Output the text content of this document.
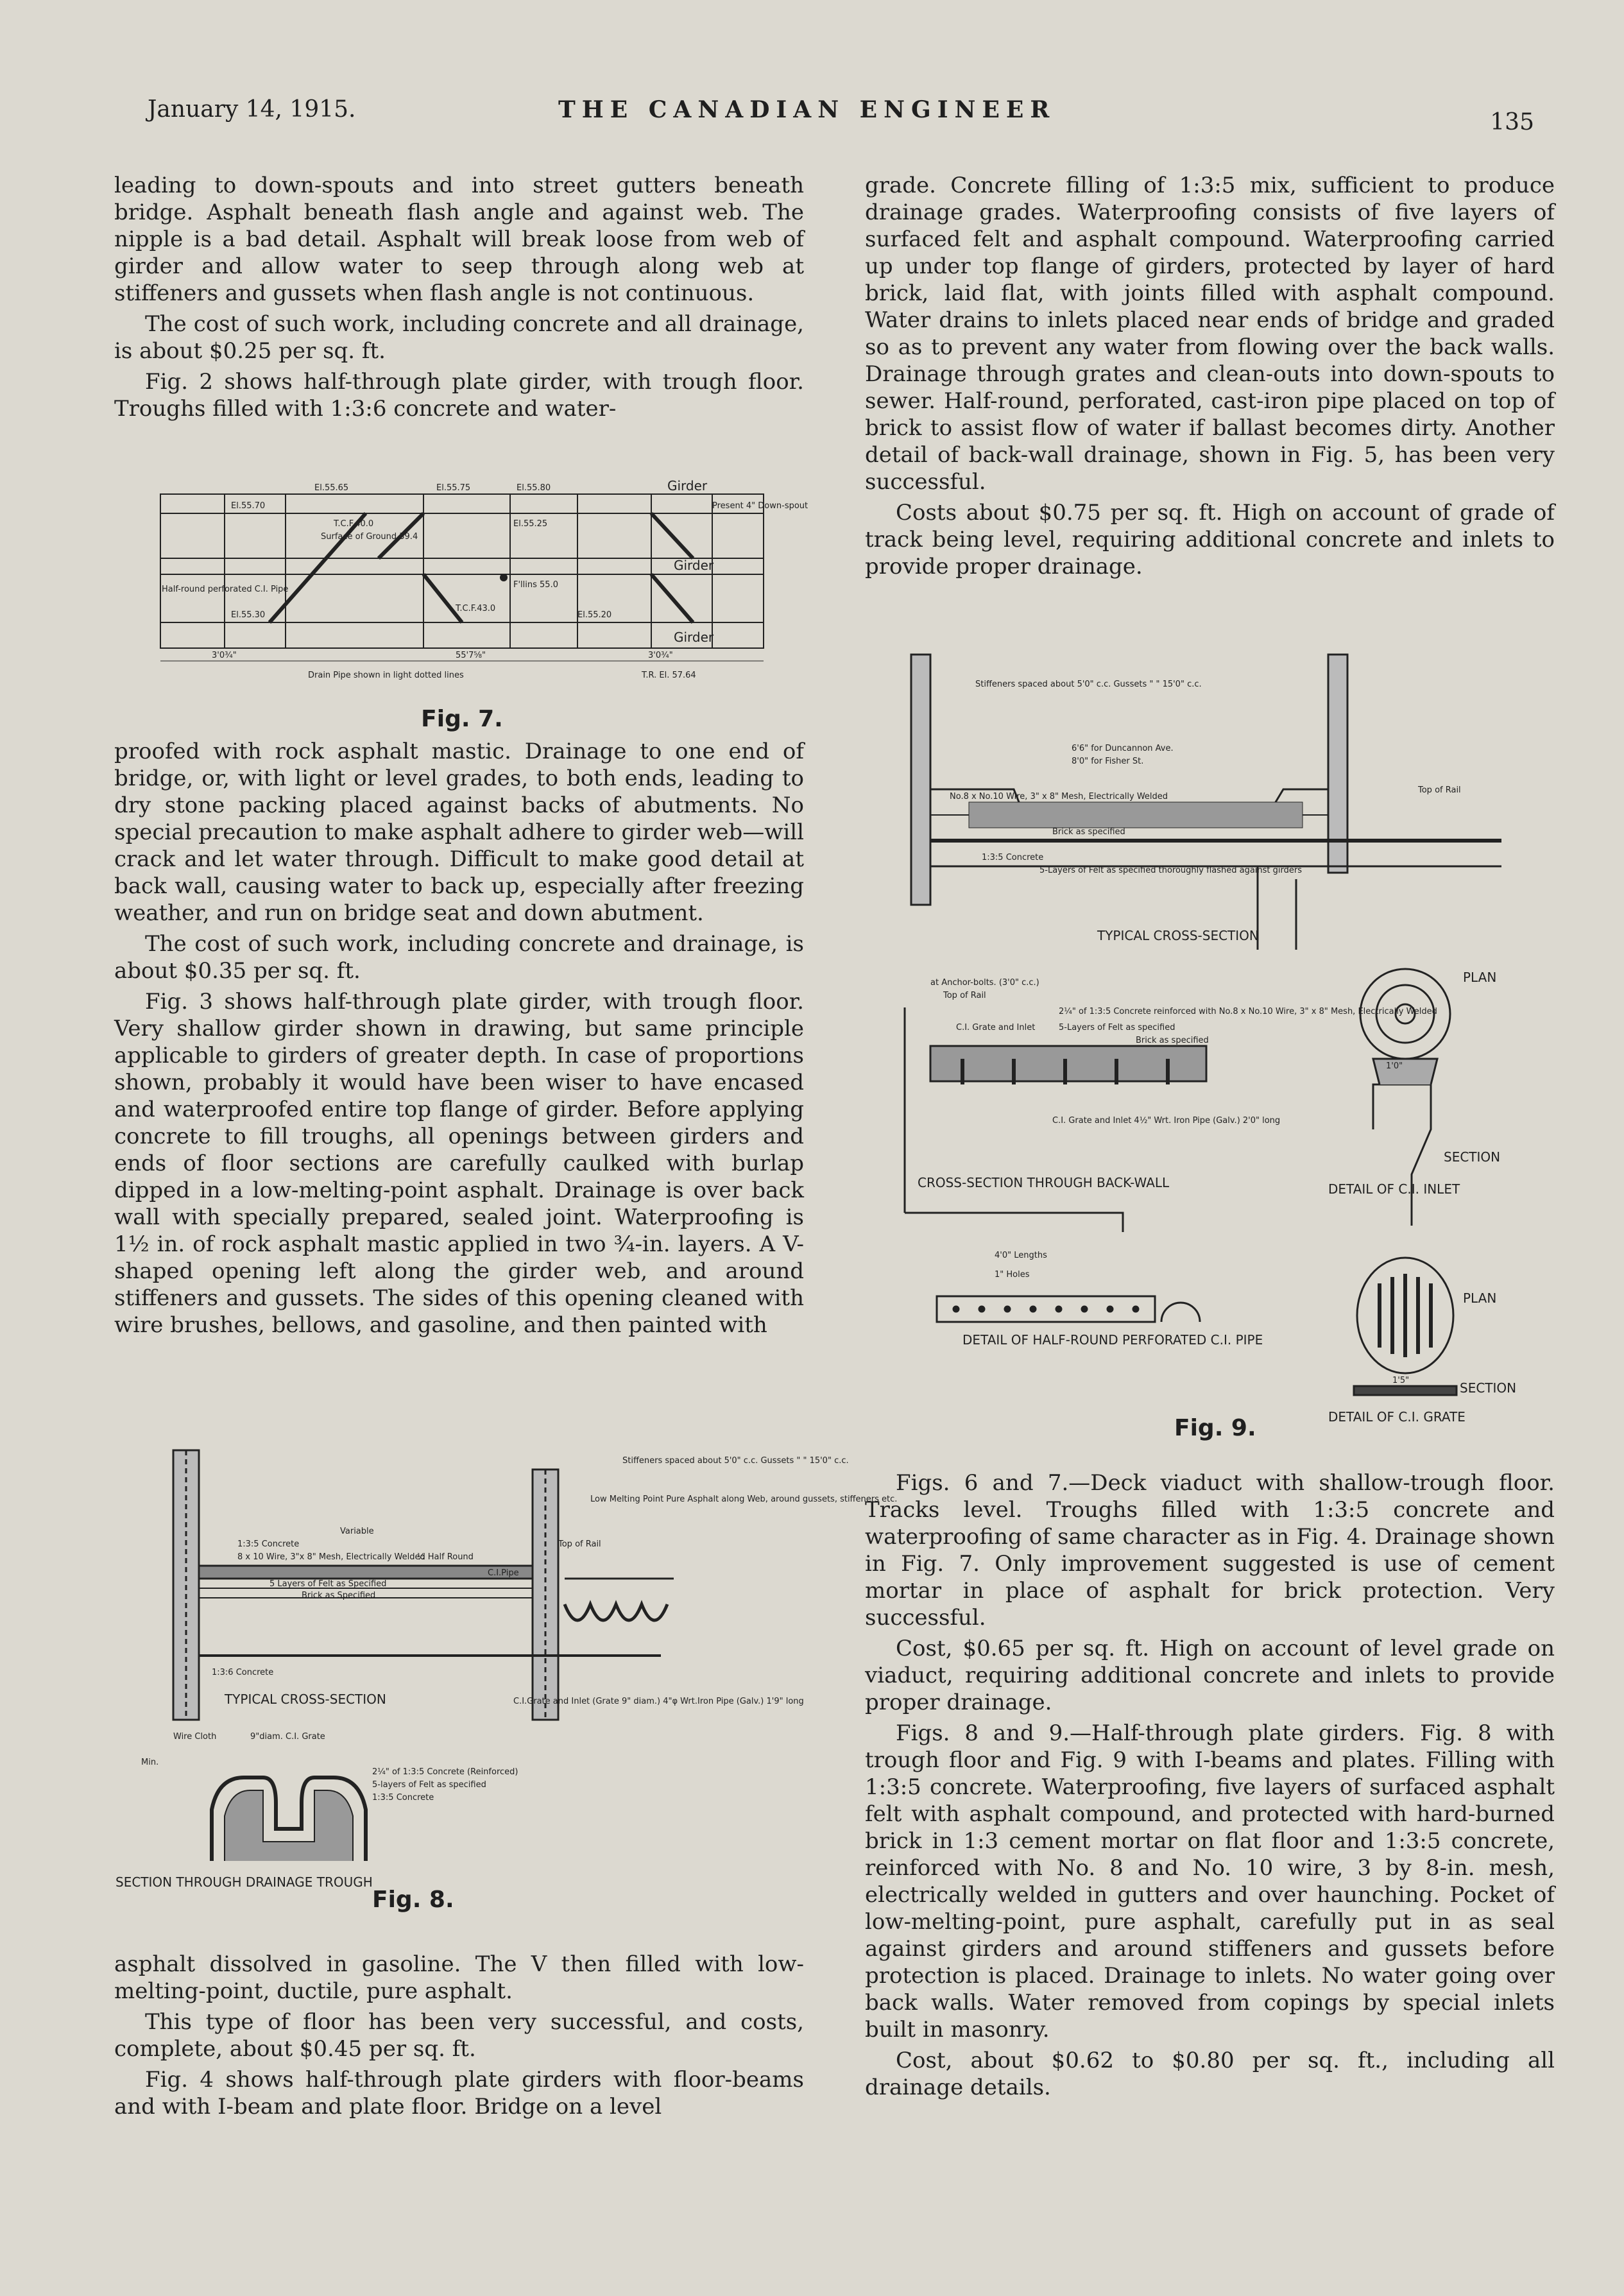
January 14, 1915.	THE CANADIAN ENGINEER	135

leading to down-spouts and into street gutters beneath bridge. Asphalt beneath flash angle and against web. The nipple is a bad detail. Asphalt will break loose from web of girder and allow water to seep through along web at stiffeners and gussets when flash angle is not continuous.

The cost of such work, including concrete and all drainage, is about $0.25 per sq. ft.

Fig. 2 shows half-through plate girder, with trough floor. Troughs filled with 1:3:6 concrete and water-

El.55.65	El.55.75	El.55.80	Girder
El.55.70
Surface of Ground 39.4
T.C.F.40.0	El.55.25
Present 4" Down-spout
Girder
F'llins 55.0
T.C.F.43.0
Half-round perforated C.I. Pipe
El.55.30	El.55.20
Girder
3'0¾"	55'7⅝"	3'0¾"
Drain Pipe shown in light dotted lines	T.R. El. 57.64
Fig. 7.

proofed with rock asphalt mastic. Drainage to one end of bridge, or, with light or level grades, to both ends, leading to dry stone packing placed against backs of abutments. No special precaution to make asphalt adhere to girder web—will crack and let water through. Difficult to make good detail at back wall, causing water to back up, especially after freezing weather, and run on bridge seat and down abutment.

The cost of such work, including concrete and drainage, is about $0.35 per sq. ft.

Fig. 3 shows half-through plate girder, with trough floor. Very shallow girder shown in drawing, but same principle applicable to girders of greater depth. In case of proportions shown, probably it would have been wiser to have encased and waterproofed entire top flange of girder. Before applying concrete to fill troughs, all openings between girders and ends of floor sections are carefully caulked with burlap dipped in a low-melting-point asphalt. Drainage is over back wall with specially prepared, sealed joint. Waterproofing is 1½ in. of rock asphalt mastic applied in two ¾-in. layers. A V-shaped opening left along the girder web, and around stiffeners and gussets. The sides of this opening cleaned with wire brushes, bellows, and gasoline, and then painted with

Stiffeners spaced about 5'0" c.c. Gussets " " 15'0" c.c.
Low Melting Point Pure Asphalt along Web, around gussets, stiffeners etc.
Top of Rail
Variable
1:3:5 Concrete
8 x 10 Wire, 3"x 8" Mesh, Electrically Welded
½ Half Round
5 Layers of Felt as Specified
Brick as Specified
C.I.Pipe
1:3:6 Concrete
TYPICAL CROSS-SECTION	C.I.Grate and Inlet (Grate 9" diam.) 4"φ Wrt.Iron Pipe (Galv.) 1'9" long
Wire Cloth	9"diam. C.I. Grate
2¼" of 1:3:5 Concrete (Reinforced)
5-layers of Felt as specified
1:3:5 Concrete
Min.
SECTION THROUGH DRAINAGE TROUGH
Fig. 8.

asphalt dissolved in gasoline. The V then filled with low-melting-point, ductile, pure asphalt.

This type of floor has been very successful, and costs, complete, about $0.45 per sq. ft.

Fig. 4 shows half-through plate girders with floor-beams and with I-beam and plate floor. Bridge on a level

grade. Concrete filling of 1:3:5 mix, sufficient to produce drainage grades. Waterproofing consists of five layers of surfaced felt and asphalt compound. Waterproofing carried up under top flange of girders, protected by layer of hard brick, laid flat, with joints filled with asphalt compound. Water drains to inlets placed near ends of bridge and graded so as to prevent any water from flowing over the back walls. Drainage through grates and clean-outs into down-spouts to sewer. Half-round, perforated, cast-iron pipe placed on top of brick to assist flow of water if ballast becomes dirty. Another detail of back-wall drainage, shown in Fig. 5, has been very successful.

Costs about $0.75 per sq. ft. High on account of grade of track being level, requiring additional concrete and inlets to provide proper drainage.

Stiffeners spaced about 5'0" c.c. Gussets " " 15'0" c.c.
6'6" for Duncannon Ave.
8'0" for Fisher St.
Top of Rail
No.8 x No.10 Wire, 3" x 8" Mesh, Electrically Welded
Brick as specified
1:3:5 Concrete
5-Layers of Felt as specified thoroughly flashed against girders
TYPICAL CROSS-SECTION
at Anchor-bolts. (3'0" c.c.)
Top of Rail
2¼" of 1:3:5 Concrete reinforced with No.8 x No.10 Wire, 3" x 8" Mesh, Electrically Welded
C.I. Grate and Inlet	5-Layers of Felt as specified
Brick as specified
C.I. Grate and Inlet 4½" Wrt. Iron Pipe (Galv.) 2'0" long
CROSS-SECTION THROUGH BACK-WALL
PLAN
1'0"
SECTION
DETAIL OF C.I. INLET
4'0" Lengths
1" Holes
DETAIL OF HALF-ROUND PERFORATED C.I. PIPE
PLAN
1'5"	SECTION
DETAIL OF C.I. GRATE
Fig. 9.

Figs. 6 and 7.—Deck viaduct with shallow-trough floor. Tracks level. Troughs filled with 1:3:5 concrete and waterproofing of same character as in Fig. 4. Drainage shown in Fig. 7. Only improvement suggested is use of cement mortar in place of asphalt for brick protection. Very successful.

Cost, $0.65 per sq. ft. High on account of level grade on viaduct, requiring additional concrete and inlets to provide proper drainage.

Figs. 8 and 9.—Half-through plate girders. Fig. 8 with trough floor and Fig. 9 with I-beams and plates. Filling with 1:3:5 concrete. Waterproofing, five layers of surfaced asphalt felt with asphalt compound, and protected with hard-burned brick in 1:3 cement mortar on flat floor and 1:3:5 concrete, reinforced with No. 8 and No. 10 wire, 3 by 8-in. mesh, electrically welded in gutters and over haunching. Pocket of low-melting-point, pure asphalt, carefully put in as seal against girders and around stiffeners and gussets before protection is placed. Drainage to inlets. No water going over back walls. Water removed from copings by special inlets built in masonry.

Cost, about $0.62 to $0.80 per sq. ft., including all drainage details.
